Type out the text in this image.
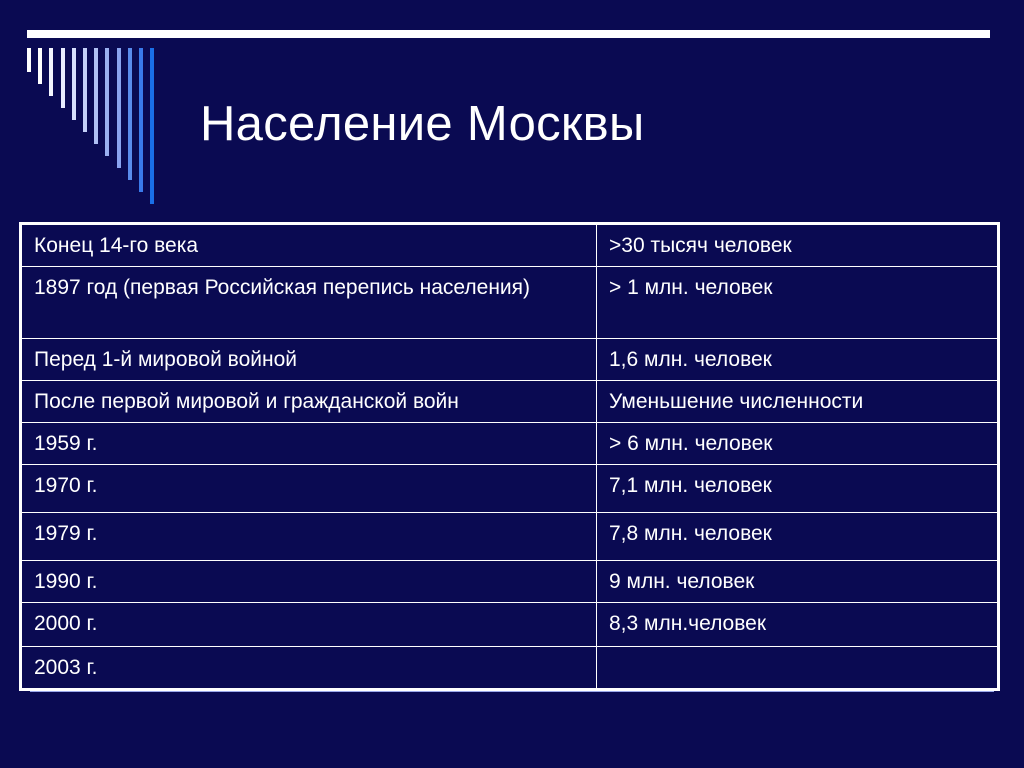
Население Москвы
Конец 14-го века	>30 тысяч человек
1897 год (первая Российская перепись населения)	> 1 млн. человек
Перед 1-й мировой войной	1,6 млн. человек
После первой мировой и гражданской войн	Уменьшение численности
1959 г.	> 6 млн. человек
1970 г.	7,1 млн. человек
1979 г.	7,8 млн. человек
1990 г.	9 млн. человек
2000 г.	8,3 млн.человек
2003 г.	
